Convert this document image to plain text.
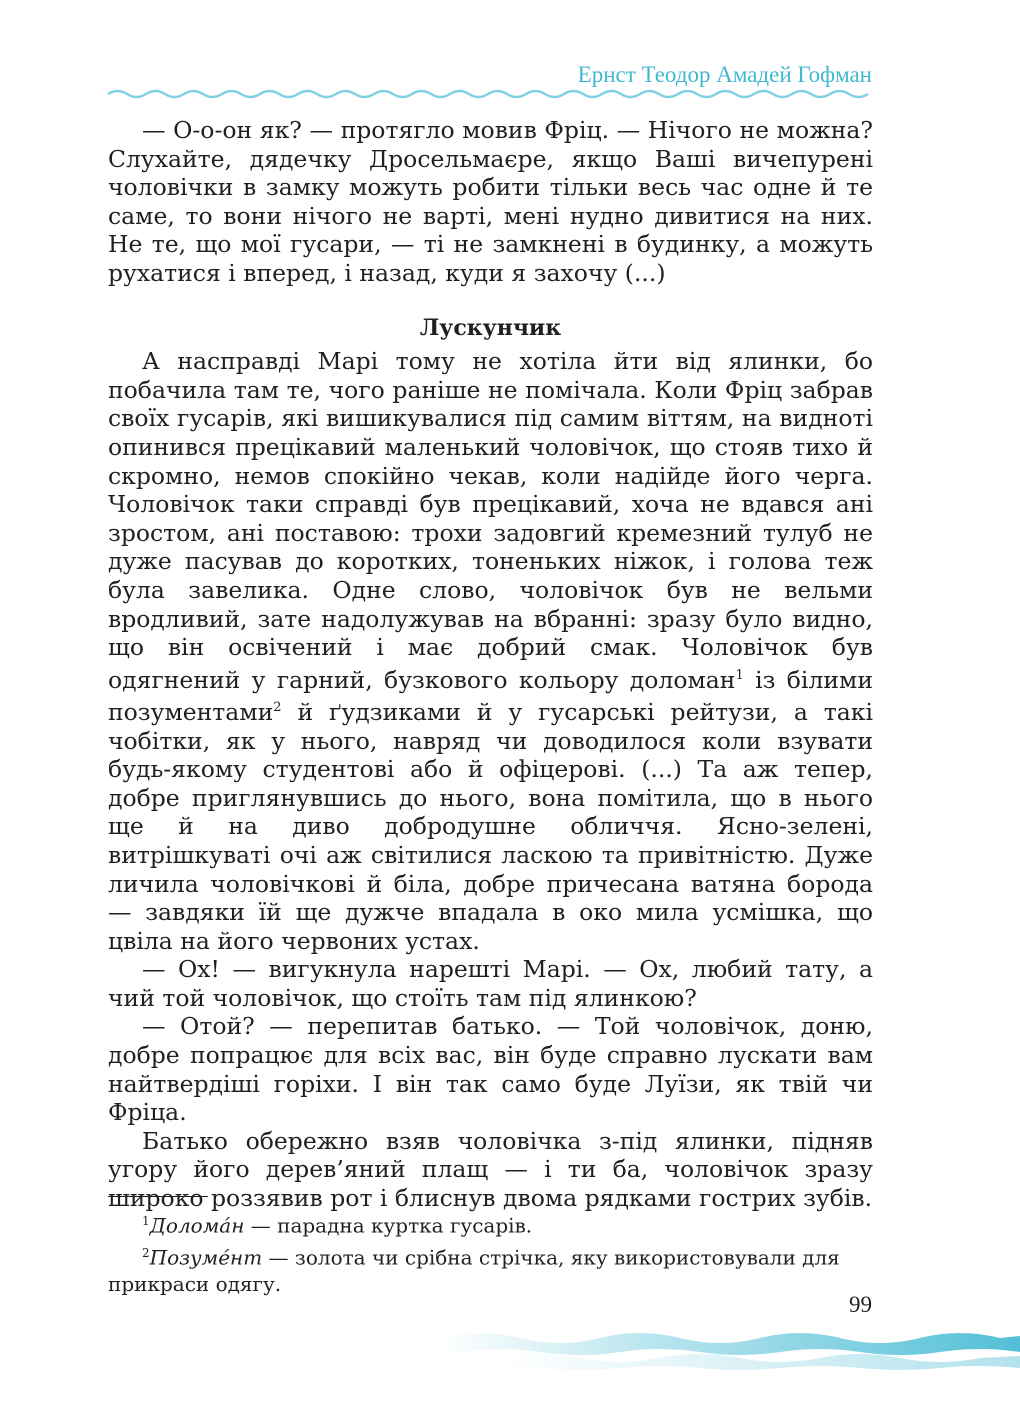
Ернст Теодор Амадей Гофман

— О-о-он як? — протягло мовив Фріц. — Нічого не можна? Слухайте, дядечку Дросельмаєре, якщо Ваші вичепурені чоловічки в замку можуть робити тільки весь час одне й те саме, то вони нічого не варті, мені нудно дивитися на них. Не те, що мої гусари, — ті не замкнені в будинку, а можуть рухатися і вперед, і назад, куди я захочу (...)

Лускунчик

А насправді Марі тому не хотіла йти від ялинки, бо побачила там те, чого раніше не помічала. Коли Фріц забрав своїх гусарів, які вишикувалися під самим віттям, на видноті опинився прецікавий маленький чоловічок, що стояв тихо й скромно, немов спокійно чекав, коли надійде його черга. Чоловічок таки справді був прецікавий, хоча не вдався ані зростом, ані поставою: трохи задовгий кремезний тулуб не дуже пасував до коротких, тоненьких ніжок, і голова теж була завелика. Одне слово, чоловічок був не вельми вродливий, зате надолужував на вбранні: зразу було видно, що він освічений і має добрий смак. Чоловічок був одягнений у гарний, бузкового кольору доломан$^1$ із білими позументами$^2$ й ґудзиками й у гусарські рейтузи, а такі чобітки, як у нього, навряд чи доводилося коли взувати будь-якому студентові або й офіцерові. (...) Та аж тепер, добре приглянувшись до нього, вона помітила, що в нього ще й на диво добродушне обличчя. Ясно-зелені, витрішкуваті очі аж світилися ласкою та привітністю. Дуже личила чоловічкові й біла, добре причесана ватяна борода — завдяки їй ще дужче впадала в око мила усмішка, що цвіла на його червоних устах.

— Ох! — вигукнула нарешті Марі. — Ох, любий тату, а чий той чоловічок, що стоїть там під ялинкою?

— Отой? — перепитав батько. — Той чоловічок, доню, добре попрацює для всіх вас, він буде справно лускати вам найтвердіші горіхи. І він так само буде Луїзи, як твій чи Фріца.

Батько обережно взяв чоловічка з-під ялинки, підняв угору його дерев’яний плащ — і ти ба, чоловічок зразу широко роззявив рот і блиснув двома рядками гострих зубів.

$^1$Долома́н — парадна куртка гусарів.

$^2$Позуме́нт — золота чи срібна стрічка, яку використовували для прикраси одягу.

99
